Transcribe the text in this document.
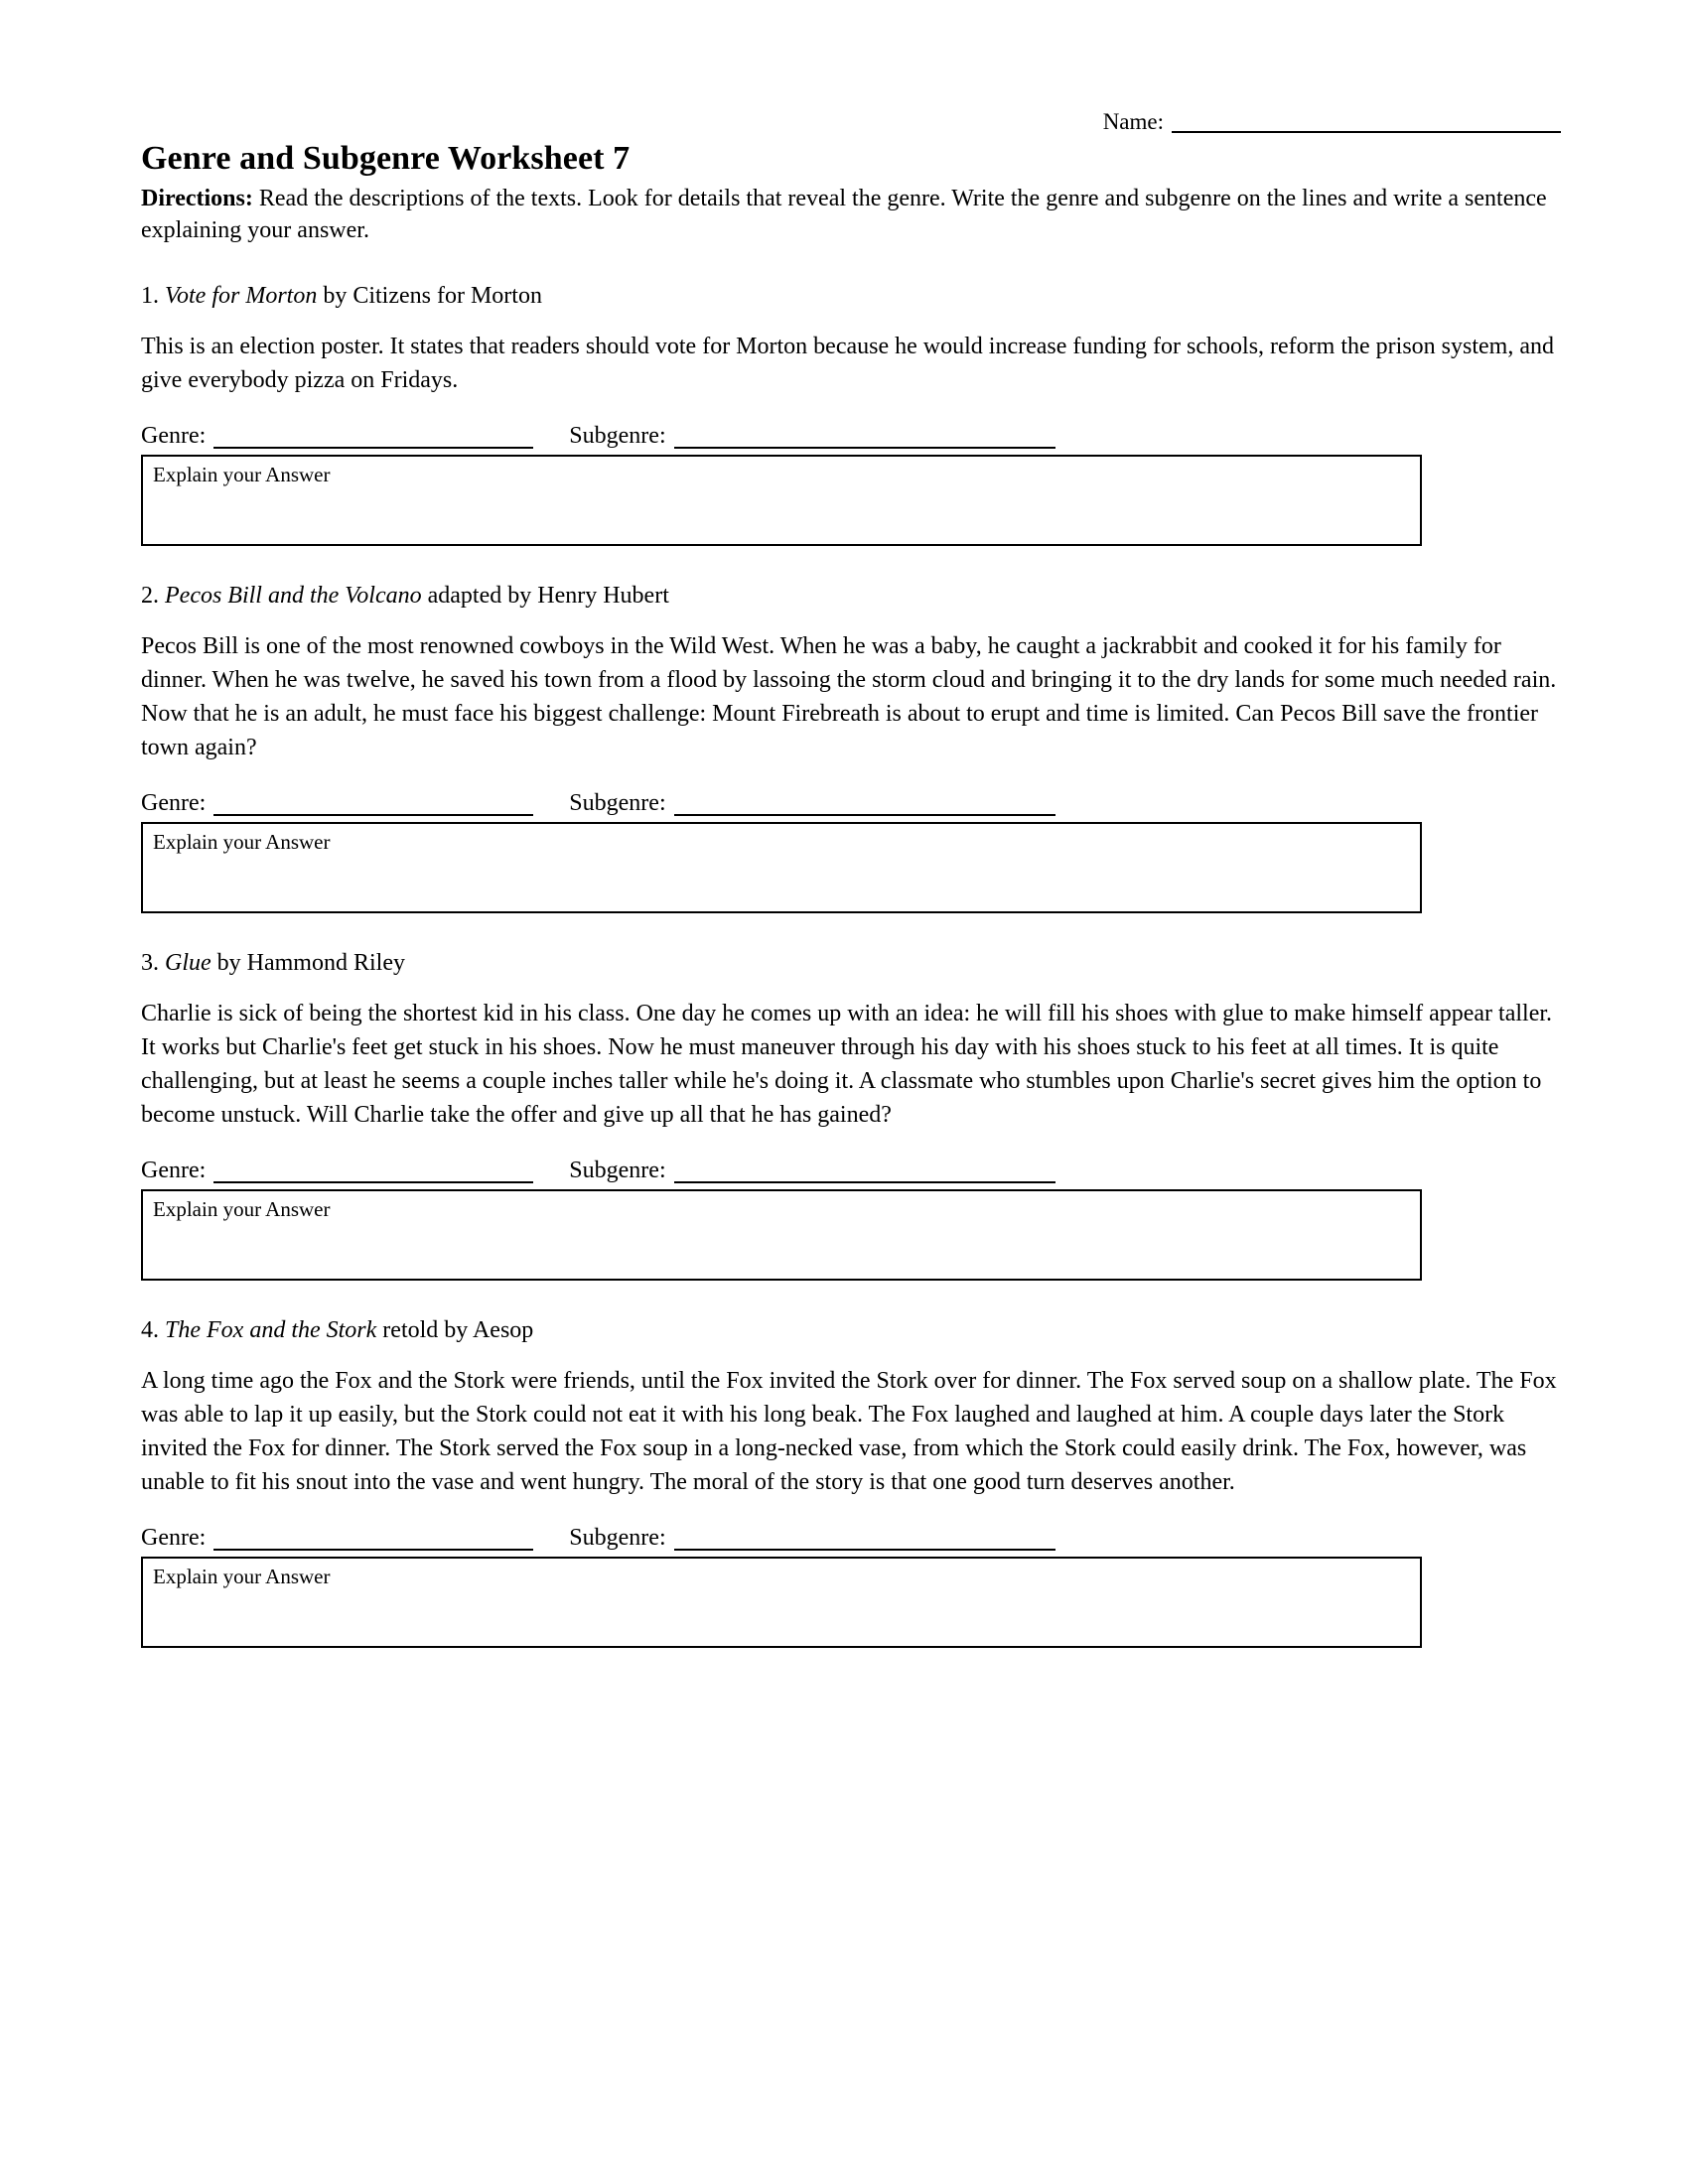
Name:
Genre and Subgenre Worksheet 7

Directions: Read the descriptions of the texts. Look for details that reveal the genre. Write the genre and subgenre on the lines and write a sentence explaining your answer.

1. Vote for Morton by Citizens for Morton

This is an election poster. It states that readers should vote for Morton because he would increase funding for schools, reform the prison system, and give everybody pizza on Fridays.

Genre:	Subgenre:
Explain your Answer

2. Pecos Bill and the Volcano adapted by Henry Hubert

Pecos Bill is one of the most renowned cowboys in the Wild West. When he was a baby, he caught a jackrabbit and cooked it for his family for dinner. When he was twelve, he saved his town from a flood by lassoing the storm cloud and bringing it to the dry lands for some much needed rain. Now that he is an adult, he must face his biggest challenge: Mount Firebreath is about to erupt and time is limited. Can Pecos Bill save the frontier town again?

Genre:	Subgenre:
Explain your Answer

3. Glue by Hammond Riley

Charlie is sick of being the shortest kid in his class. One day he comes up with an idea: he will fill his shoes with glue to make himself appear taller. It works but Charlie's feet get stuck in his shoes. Now he must maneuver through his day with his shoes stuck to his feet at all times. It is quite challenging, but at least he seems a couple inches taller while he's doing it. A classmate who stumbles upon Charlie's secret gives him the option to become unstuck. Will Charlie take the offer and give up all that he has gained?

Genre:	Subgenre:
Explain your Answer

4. The Fox and the Stork retold by Aesop

A long time ago the Fox and the Stork were friends, until the Fox invited the Stork over for dinner. The Fox served soup on a shallow plate. The Fox was able to lap it up easily, but the Stork could not eat it with his long beak. The Fox laughed and laughed at him. A couple days later the Stork invited the Fox for dinner. The Stork served the Fox soup in a long-necked vase, from which the Stork could easily drink. The Fox, however, was unable to fit his snout into the vase and went hungry. The moral of the story is that one good turn deserves another.

Genre:	Subgenre:
Explain your Answer
